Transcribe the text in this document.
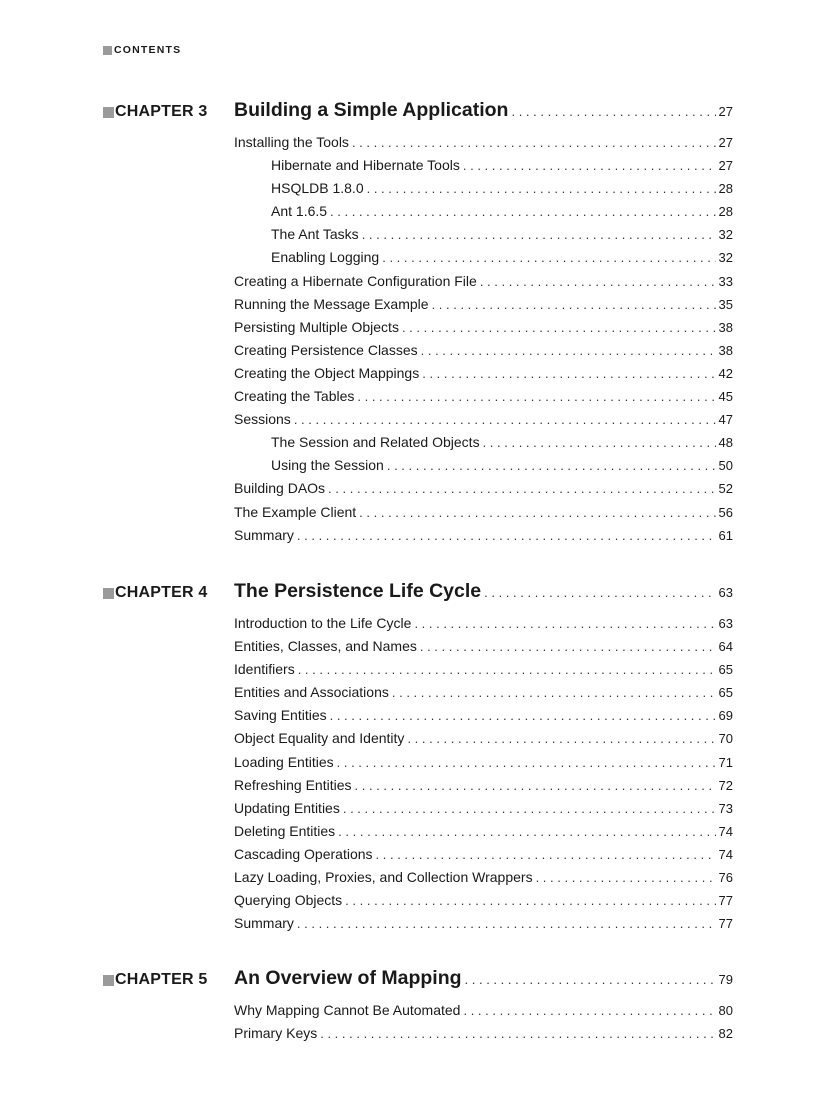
CONTENTS
CHAPTER 3 Building a Simple Application . . .	27
Installing the Tools . . .	27
Hibernate and Hibernate Tools . . .	27
HSQLDB 1.8.0 . . .	28
Ant 1.6.5 . . .	28
The Ant Tasks . . .	32
Enabling Logging . . .	32
Creating a Hibernate Configuration File . . .	33
Running the Message Example . . .	35
Persisting Multiple Objects . . .	38
Creating Persistence Classes . . .	38
Creating the Object Mappings . . .	42
Creating the Tables . . .	45
Sessions . . .	47
The Session and Related Objects . . .	48
Using the Session . . .	50
Building DAOs . . .	52
The Example Client . . .	56
Summary . . .	61
CHAPTER 4 The Persistence Life Cycle . . .	63
Introduction to the Life Cycle . . .	63
Entities, Classes, and Names . . .	64
Identifiers . . .	65
Entities and Associations . . .	65
Saving Entities . . .	69
Object Equality and Identity . . .	70
Loading Entities . . .	71
Refreshing Entities . . .	72
Updating Entities . . .	73
Deleting Entities . . .	74
Cascading Operations . . .	74
Lazy Loading, Proxies, and Collection Wrappers . . .	76
Querying Objects . . .	77
Summary . . .	77
CHAPTER 5 An Overview of Mapping . . .	79
Why Mapping Cannot Be Automated . . .	80
Primary Keys . . .	82
